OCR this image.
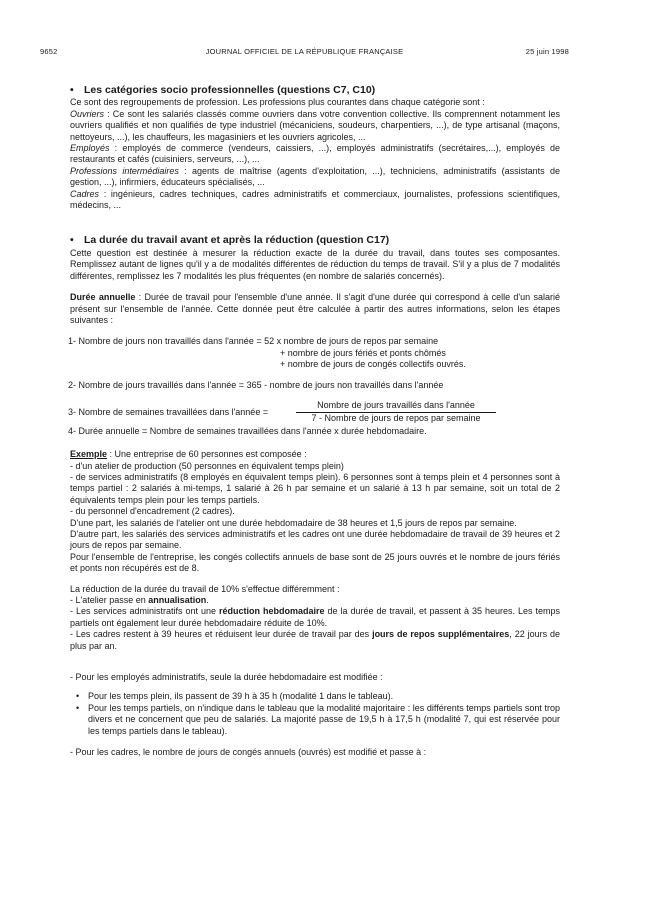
9652	JOURNAL OFFICIEL DE LA RÉPUBLIQUE FRANÇAISE	25 juin 1998
• Les catégories socio professionnelles (questions C7, C10)

Ce sont des regroupements de profession. Les professions plus courantes dans chaque catégorie sont :

Ouvriers : Ce sont les salariés classés comme ouvriers dans votre convention collective. Ils comprennent notamment les ouvriers qualifiés et non qualifiés de type industriel (mécaniciens, soudeurs, charpentiers, ...), de type artisanal (maçons, nettoyeurs, ...), les chauffeurs, les magasiniers et les ouvriers agricoles, ...

Employés : employés de commerce (vendeurs, caissiers, ...), employés administratifs (secrétaires,...), employés de restaurants et cafés (cuisiniers, serveurs, ...), ...

Professions intermédiaires : agents de maîtrise (agents d'exploitation, ...), techniciens, administratifs (assistants de gestion, ...), infirmiers, éducateurs spécialisés, ...

Cadres : ingénieurs, cadres techniques, cadres administratifs et commerciaux, journalistes, professions scientifiques, médecins, ...

• La durée du travail avant et après la réduction (question C17)

Cette question est destinée à mesurer la réduction exacte de la durée du travail, dans toutes ses composantes. Remplissez autant de lignes qu'il y a de modalités différentes de réduction du temps de travail. S'il y a plus de 7 modalités différentes, remplissez les 7 modalités les plus fréquentes (en nombre de salariés concernés).

Durée annuelle : Durée de travail pour l'ensemble d'une année. Il s'agit d'une durée qui correspond à celle d'un salarié présent sur l'ensemble de l'année. Cette donnée peut être calculée à partir des autres informations, selon les étapes suivantes :

1- Nombre de jours non travaillés dans l'année = 52 x nombre de jours de repos par semaine
+ nombre de jours fériés et ponts chômés
+ nombre de jours de congés collectifs ouvrés.

2- Nombre de jours travaillés dans l'année = 365 - nombre de jours non travaillés dans l'année

3- Nombre de semaines travaillées dans l'année =
Nombre de jours travaillés dans l'année
7 - Nombre de jours de repos par semaine

4- Durée annuelle = Nombre de semaines travaillées dans l'année x durée hebdomadaire.

Exemple : Une entreprise de 60 personnes est composée :

- d'un atelier de production (50 personnes en équivalent temps plein)

- de services administratifs (8 employés en équivalent temps plein). 6 personnes sont à temps plein et 4 personnes sont à temps partiel : 2 salariés à mi-temps, 1 salarié à 26 h par semaine et un salarié à 13 h par semaine, soit un total de 2 équivalents temps plein pour les temps partiels.

- du personnel d'encadrement (2 cadres).

D'une part, les salariés de l'atelier ont une durée hebdomadaire de 38 heures et 1,5 jours de repos par semaine.

D'autre part, les salariés des services administratifs et les cadres ont une durée hebdomadaire de travail de 39 heures et 2 jours de repos par semaine.

Pour l'ensemble de l'entreprise, les congés collectifs annuels de base sont de 25 jours ouvrés et le nombre de jours fériés et ponts non récupérés est de 8.

La réduction de la durée du travail de 10% s'effectue différemment :

- L'atelier passe en annualisation.

- Les services administratifs ont une réduction hebdomadaire de la durée de travail, et passent à 35 heures. Les temps partiels ont également leur durée hebdomadaire réduite de 10%.

- Les cadres restent à 39 heures et réduisent leur durée de travail par des jours de repos supplémentaires, 22 jours de plus par an.

- Pour les employés administratifs, seule la durée hebdomadaire est modifiée :

• Pour les temps plein, ils passent de 39 h à 35 h (modalité 1 dans le tableau).
• Pour les temps partiels, on n'indique dans le tableau que la modalité majoritaire : les différents temps partiels sont trop divers et ne concernent que peu de salariés. La majorité passe de 19,5 h à 17,5 h (modalité 7, qui est réservée pour les temps partiels dans le tableau).

- Pour les cadres, le nombre de jours de congés annuels (ouvrés) est modifié et passe à :
